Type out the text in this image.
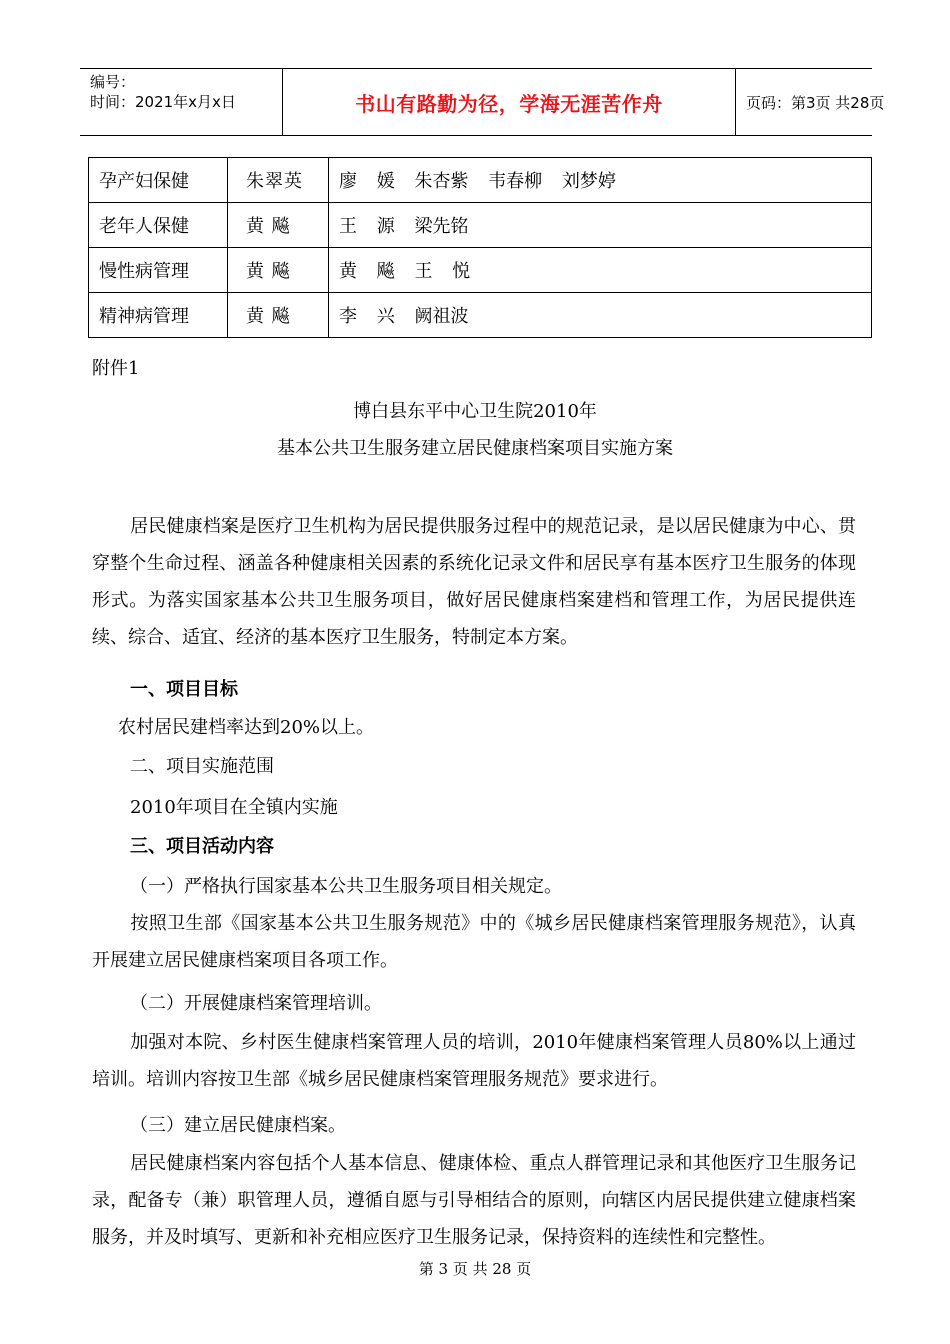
编号：
时间：2021年x月x日	书山有路勤为径，学海无涯苦作舟	页码：第3页 共28页
孕产妇保健	朱翠英	廖 媛 朱杏紫 韦春柳 刘梦婷
老年人保健	黄 飚	王 源 梁先铭
慢性病管理	黄 飚	黄 飚 王 悦
精神病管理	黄 飚	李 兴 阙祖波
附件1
博白县东平中心卫生院2010年
基本公共卫生服务建立居民健康档案项目实施方案
居民健康档案是医疗卫生机构为居民提供服务过程中的规范记录，是以居民健康为中心、贯穿整个生命过程、涵盖各种健康相关因素的系统化记录文件和居民享有基本医疗卫生服务的体现形式。为落实国家基本公共卫生服务项目，做好居民健康档案建档和管理工作，为居民提供连续、综合、适宜、经济的基本医疗卫生服务，特制定本方案。
一、项目目标
农村居民建档率达到20%以上。
二、项目实施范围
2010年项目在全镇内实施
三、项目活动内容
（一）严格执行国家基本公共卫生服务项目相关规定。
按照卫生部《国家基本公共卫生服务规范》中的《城乡居民健康档案管理服务规范》，认真开展建立居民健康档案项目各项工作。
（二）开展健康档案管理培训。
加强对本院、乡村医生健康档案管理人员的培训，2010年健康档案管理人员80%以上通过培训。培训内容按卫生部《城乡居民健康档案管理服务规范》要求进行。
（三）建立居民健康档案。
居民健康档案内容包括个人基本信息、健康体检、重点人群管理记录和其他医疗卫生服务记录，配备专（兼）职管理人员，遵循自愿与引导相结合的原则，向辖区内居民提供建立健康档案服务，并及时填写、更新和补充相应医疗卫生服务记录，保持资料的连续性和完整性。
第 3 页 共 28 页
